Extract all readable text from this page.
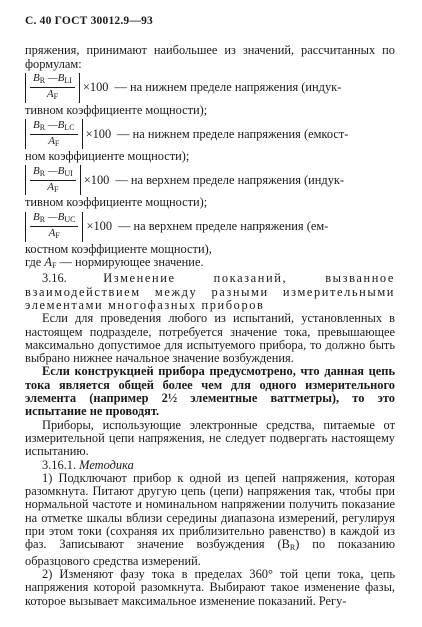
С. 40 ГОСТ 30012.9—93
пряжения, принимают наибольшее из значений, рассчитанных по формулам:
$\frac{B_R —B_{LI}}{A_F} \times 100$ — на нижнем пределе напряжения (индук-
тивном коэффициенте мощности);
$\frac{B_R —B_{LC}}{A_F} \times 100$ — на нижнем пределе напряжения (емкост-
ном коэффициенте мощности);
$\frac{B_R —B_{UI}}{A_F} \times 100$ — на верхнем пределе напряжения (индук-
тивном коэффициенте мощности);
$\frac{B_R —B_{UC}}{A_F} \times 100$ — на верхнем пределе напряжения (ем-
костном коэффициенте мощности),
где $A_F$ — нормирующее значение.
3.16. Изменение показаний, вызванное взаимодействием между разными измерительными элементами многофазных приборов
Если для проведения любого из испытаний, установленных в настоящем подразделе, потребуется значение тока, превышающее максимально допустимое для испытуемого прибора, то должно быть выбрано нижнее начальное значение возбуждения.
Если конструкцией прибора предусмотрено, что данная цепь тока является общей более чем для одного измерительного элемента (например 2½ элементные ваттметры), то это испытание не проводят.
Приборы, использующие электронные средства, питаемые от измерительной цепи напряжения, не следует подвергать настоящему испытанию.
3.16.1. Методика
1) Подключают прибор к одной из цепей напряжения, которая разомкнута. Питают другую цепь (цепи) напряжения так, чтобы при нормальной частоте и номинальном напряжении получить показание на отметке шкалы вблизи середины диапазона измерений, регулируя при этом токи (сохраняя их приблизительно равенство) в каждой из фаз. Записывают значение возбуждения $(B_R)$ по показанию образцового средства измерений.
2) Изменяют фазу тока в пределах 360° той цепи тока, цепь напряжения которой разомкнута. Выбирают такое изменение фазы, которое вызывает максимальное изменение показаний. Регу-
